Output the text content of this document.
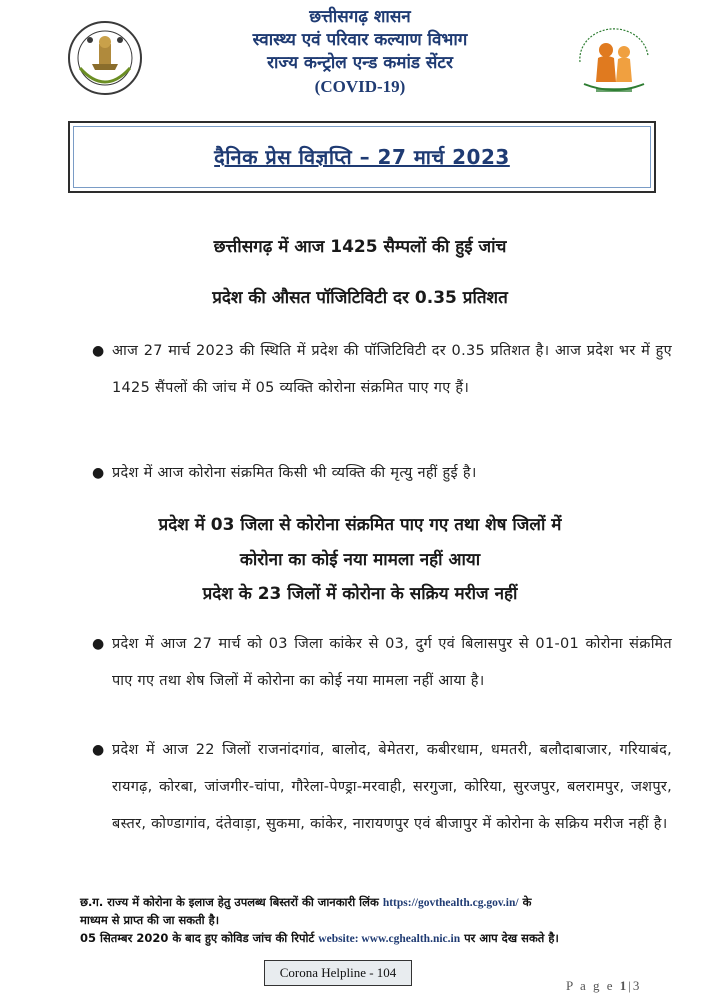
छत्तीसगढ़ शासन
स्वास्थ्य एवं परिवार कल्याण विभाग
राज्य कन्ट्रोल एन्ड कमांड सेंटर
(COVID-19)
दैनिक प्रेस विज्ञप्ति – 27 मार्च 2023
छत्तीसगढ़ में आज 1425 सैम्पलों की हुई जांच
प्रदेश की औसत पॉजिटिविटी दर 0.35 प्रतिशत
● आज 27 मार्च 2023 की स्थिति में प्रदेश की पॉजिटिविटी दर 0.35 प्रतिशत है। आज प्रदेश भर में हुए 1425 सैंपलों की जांच में 05 व्यक्ति कोरोना संक्रमित पाए गए हैं।
● प्रदेश में आज कोरोना संक्रमित किसी भी व्यक्ति की मृत्यु नहीं हुई है।
प्रदेश में 03 जिला से कोरोना संक्रमित पाए गए तथा शेष जिलों में
कोरोना का कोई नया मामला नहीं आया
प्रदेश के 23 जिलों में कोरोना के सक्रिय मरीज नहीं
● प्रदेश में आज 27 मार्च को 03 जिला कांकेर से 03, दुर्ग एवं बिलासपुर से 01-01 कोरोना संक्रमित पाए गए तथा शेष जिलों में कोरोना का कोई नया मामला नहीं आया है।
● प्रदेश में आज 22 जिलों राजनांदगांव, बालोद, बेमेतरा, कबीरधाम, धमतरी, बलौदाबाजार, गरियाबंद, रायगढ़, कोरबा, जांजगीर-चांपा, गौरेला-पेण्ड्रा-मरवाही, सरगुजा, कोरिया, सुरजपुर, बलरामपुर, जशपुर, बस्तर, कोण्डागांव, दंतेवाड़ा, सुकमा, कांकेर, नारायणपुर एवं बीजापुर में कोरोना के सक्रिय मरीज नहीं है।
छ.ग. राज्य में कोरोना के इलाज हेतु उपलब्ध बिस्तरों की जानकारी लिंक https://govthealth.cg.gov.in/ के
माध्यम से प्राप्त की जा सकती है।
05 सितम्बर 2020 के बाद हुए कोविड जांच की रिपोर्ट website: www.cghealth.nic.in पर आप देख सकते है।
Corona Helpline - 104
P a g e 1|3
